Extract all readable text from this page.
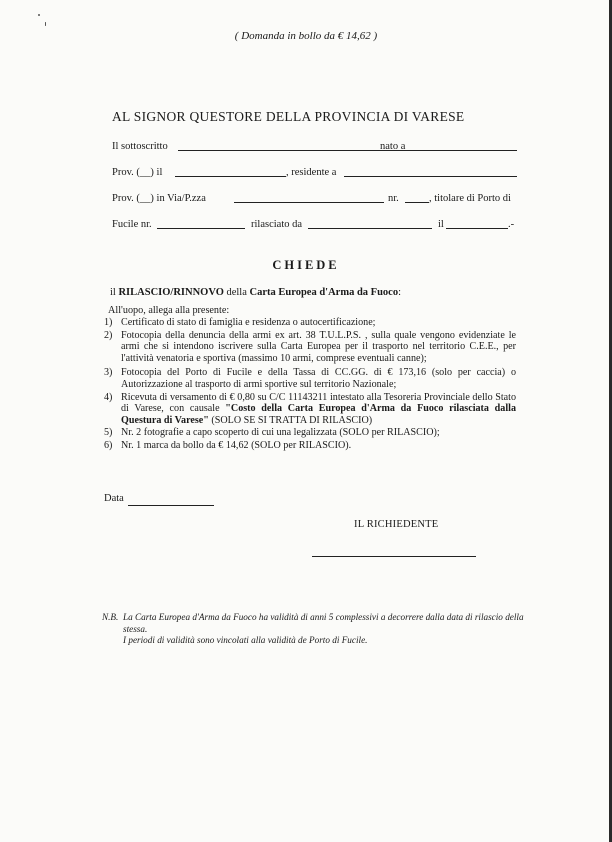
( Domanda in bollo da € 14,62 )
AL SIGNOR QUESTORE DELLA PROVINCIA DI VARESE
Il sottoscritto	nato a
Prov. (__) il	, residente a
Prov. (__) in Via/P.zza	nr.	, titolare di Porto di
Fucile nr.	rilasciato da	il	.-
CHIEDE
il RILASCIO/RINNOVO della Carta Europea d'Arma da Fuoco:
All'uopo, allega alla presente:
1) Certificato di stato di famiglia e residenza o autocertificazione;
2) Fotocopia della denuncia della armi ex art. 38 T.U.L.P.S. , sulla quale vengono evidenziate le armi che si intendono iscrivere sulla Carta Europea per il trasporto nel territorio C.E.E., per l'attività venatoria e sportiva (massimo 10 armi, comprese eventuali canne);
3) Fotocopia del Porto di Fucile e della Tassa di CC.GG. di € 173,16 (solo per caccia) o Autorizzazione al trasporto di armi sportive sul territorio Nazionale;
4) Ricevuta di versamento di € 0,80 su C/C 11143211 intestato alla Tesoreria Provinciale dello Stato di Varese, con causale "Costo della Carta Europea d'Arma da Fuoco rilasciata dalla Questura di Varese" (SOLO SE SI TRATTA DI RILASCIO)
5) Nr. 2 fotografie a capo scoperto di cui una legalizzata (SOLO per RILASCIO);
6) Nr. 1 marca da bollo da € 14,62 (SOLO per RILASCIO).
Data
IL RICHIEDENTE
N.B. La Carta Europea d'Arma da Fuoco ha validità di anni 5 complessivi a decorrere dalla data di rilascio della stessa.
I periodi di validità sono vincolati alla validità de Porto di Fucile.
